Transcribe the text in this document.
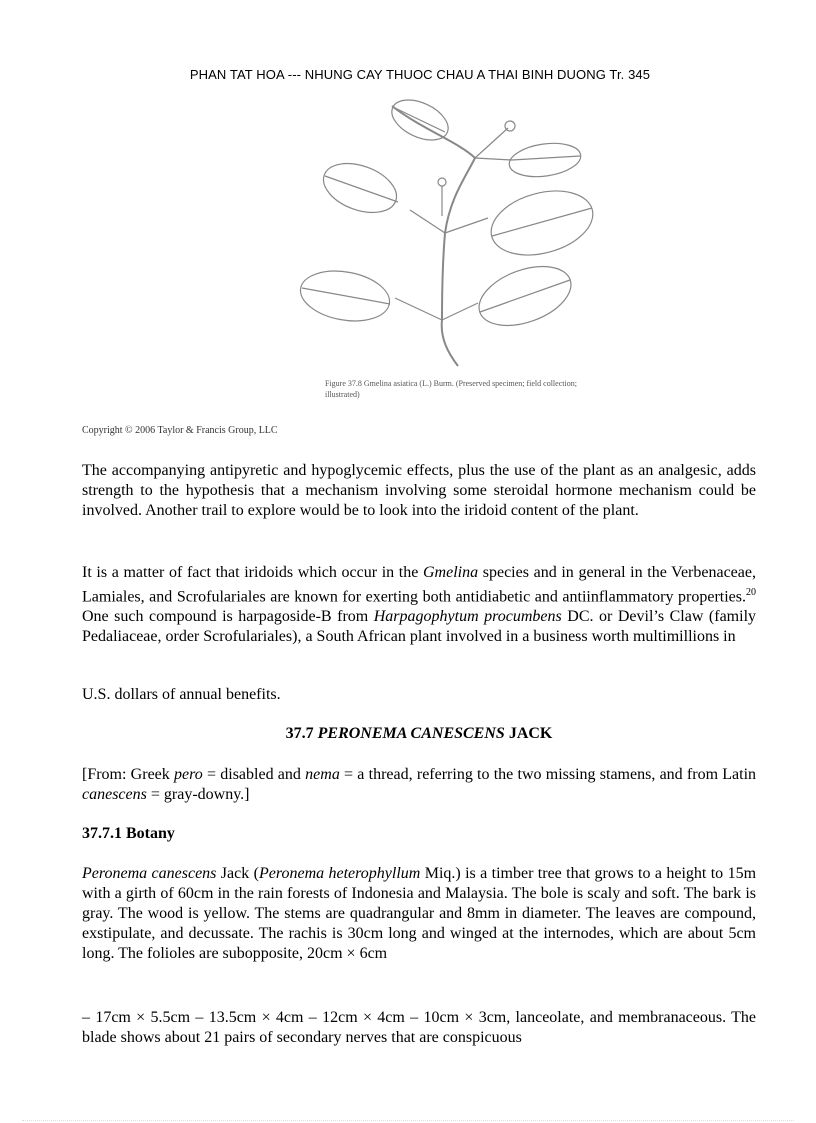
PHAN TAT HOA --- NHUNG CAY THUOC CHAU A THAI BINH DUONG Tr. 345
Figure 37.8 Gmelina asiatica (L.) Burm. (Preserved specimen; field collection; illustrated)
Copyright © 2006 Taylor & Francis Group, LLC
The accompanying antipyretic and hypoglycemic effects, plus the use of the plant as an analgesic, adds strength to the hypothesis that a mechanism involving some steroidal hormone mechanism could be involved. Another trail to explore would be to look into the iridoid content of the plant.
It is a matter of fact that iridoids which occur in the Gmelina species and in general in the Verbenaceae, Lamiales, and Scrofulariales are known for exerting both antidiabetic and antiinflammatory properties.$^{20}$ One such compound is harpagoside-B from Harpagophytum procumbens DC. or Devil’s Claw (family Pedaliaceae, order Scrofulariales), a South African plant involved in a business worth multimillions in
U.S. dollars of annual benefits.
37.7 PERONEMA CANESCENS JACK
[From: Greek pero = disabled and nema = a thread, referring to the two missing stamens, and from Latin canescens = gray-downy.]
37.7.1 Botany
Peronema canescens Jack (Peronema heterophyllum Miq.) is a timber tree that grows to a height to 15m with a girth of 60cm in the rain forests of Indonesia and Malaysia. The bole is scaly and soft. The bark is gray. The wood is yellow. The stems are quadrangular and 8mm in diameter. The leaves are compound, exstipulate, and decussate. The rachis is 30cm long and winged at the internodes, which are about 5cm long. The folioles are subopposite, 20cm × 6cm
– 17cm × 5.5cm – 13.5cm × 4cm – 12cm × 4cm – 10cm × 3cm, lanceolate, and membranaceous. The blade shows about 21 pairs of secondary nerves that are conspicuous
